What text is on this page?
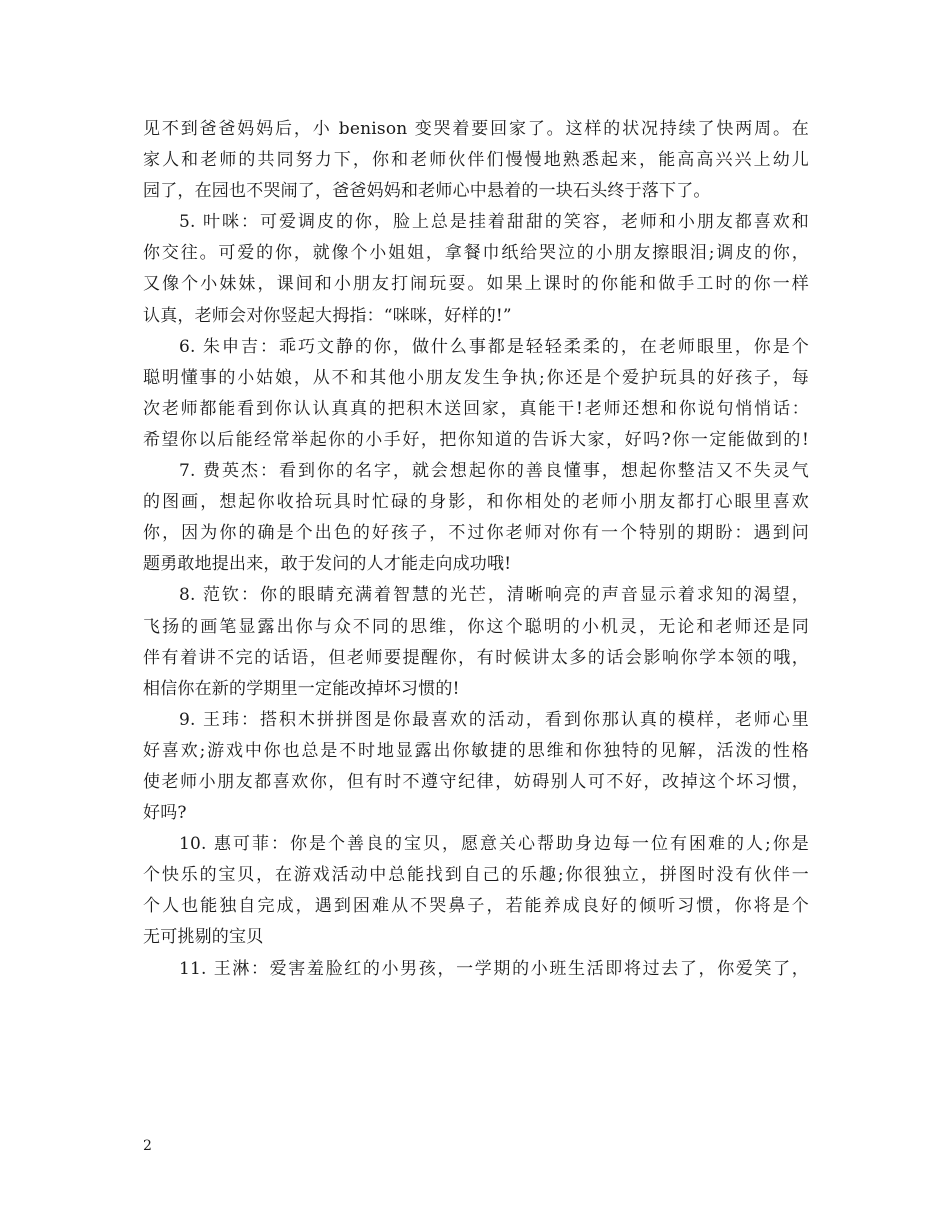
见不到爸爸妈妈后，小 benison 变哭着要回家了。这样的状况持续了快两周。在
家人和老师的共同努力下，你和老师伙伴们慢慢地熟悉起来，能高高兴兴上幼儿
园了，在园也不哭闹了，爸爸妈妈和老师心中悬着的一块石头终于落下了。
5. 叶咪：可爱调皮的你，脸上总是挂着甜甜的笑容，老师和小朋友都喜欢和
你交往。可爱的你，就像个小姐姐，拿餐巾纸给哭泣的小朋友擦眼泪;调皮的你，
又像个小妹妹，课间和小朋友打闹玩耍。如果上课时的你能和做手工时的你一样
认真，老师会对你竖起大拇指：“咪咪，好样的!”
6. 朱申吉：乖巧文静的你，做什么事都是轻轻柔柔的，在老师眼里，你是个
聪明懂事的小姑娘，从不和其他小朋友发生争执;你还是个爱护玩具的好孩子，每
次老师都能看到你认认真真的把积木送回家，真能干!老师还想和你说句悄悄话：
希望你以后能经常举起你的小手好，把你知道的告诉大家，好吗?你一定能做到的!
7. 费英杰：看到你的名字，就会想起你的善良懂事，想起你整洁又不失灵气
的图画，想起你收拾玩具时忙碌的身影，和你相处的老师小朋友都打心眼里喜欢
你，因为你的确是个出色的好孩子，不过你老师对你有一个特别的期盼：遇到问
题勇敢地提出来，敢于发问的人才能走向成功哦!
8. 范钦：你的眼睛充满着智慧的光芒，清晰响亮的声音显示着求知的渴望，
飞扬的画笔显露出你与众不同的思维，你这个聪明的小机灵，无论和老师还是同
伴有着讲不完的话语，但老师要提醒你，有时候讲太多的话会影响你学本领的哦，
相信你在新的学期里一定能改掉坏习惯的!
9. 王玮：搭积木拼拼图是你最喜欢的活动，看到你那认真的模样，老师心里
好喜欢;游戏中你也总是不时地显露出你敏捷的思维和你独特的见解，活泼的性格
使老师小朋友都喜欢你，但有时不遵守纪律，妨碍别人可不好，改掉这个坏习惯，
好吗?
10. 惠可菲：你是个善良的宝贝，愿意关心帮助身边每一位有困难的人;你是
个快乐的宝贝，在游戏活动中总能找到自己的乐趣;你很独立，拼图时没有伙伴一
个人也能独自完成，遇到困难从不哭鼻子，若能养成良好的倾听习惯，你将是个
无可挑剔的宝贝
11. 王淋：爱害羞脸红的小男孩，一学期的小班生活即将过去了，你爱笑了，
2
